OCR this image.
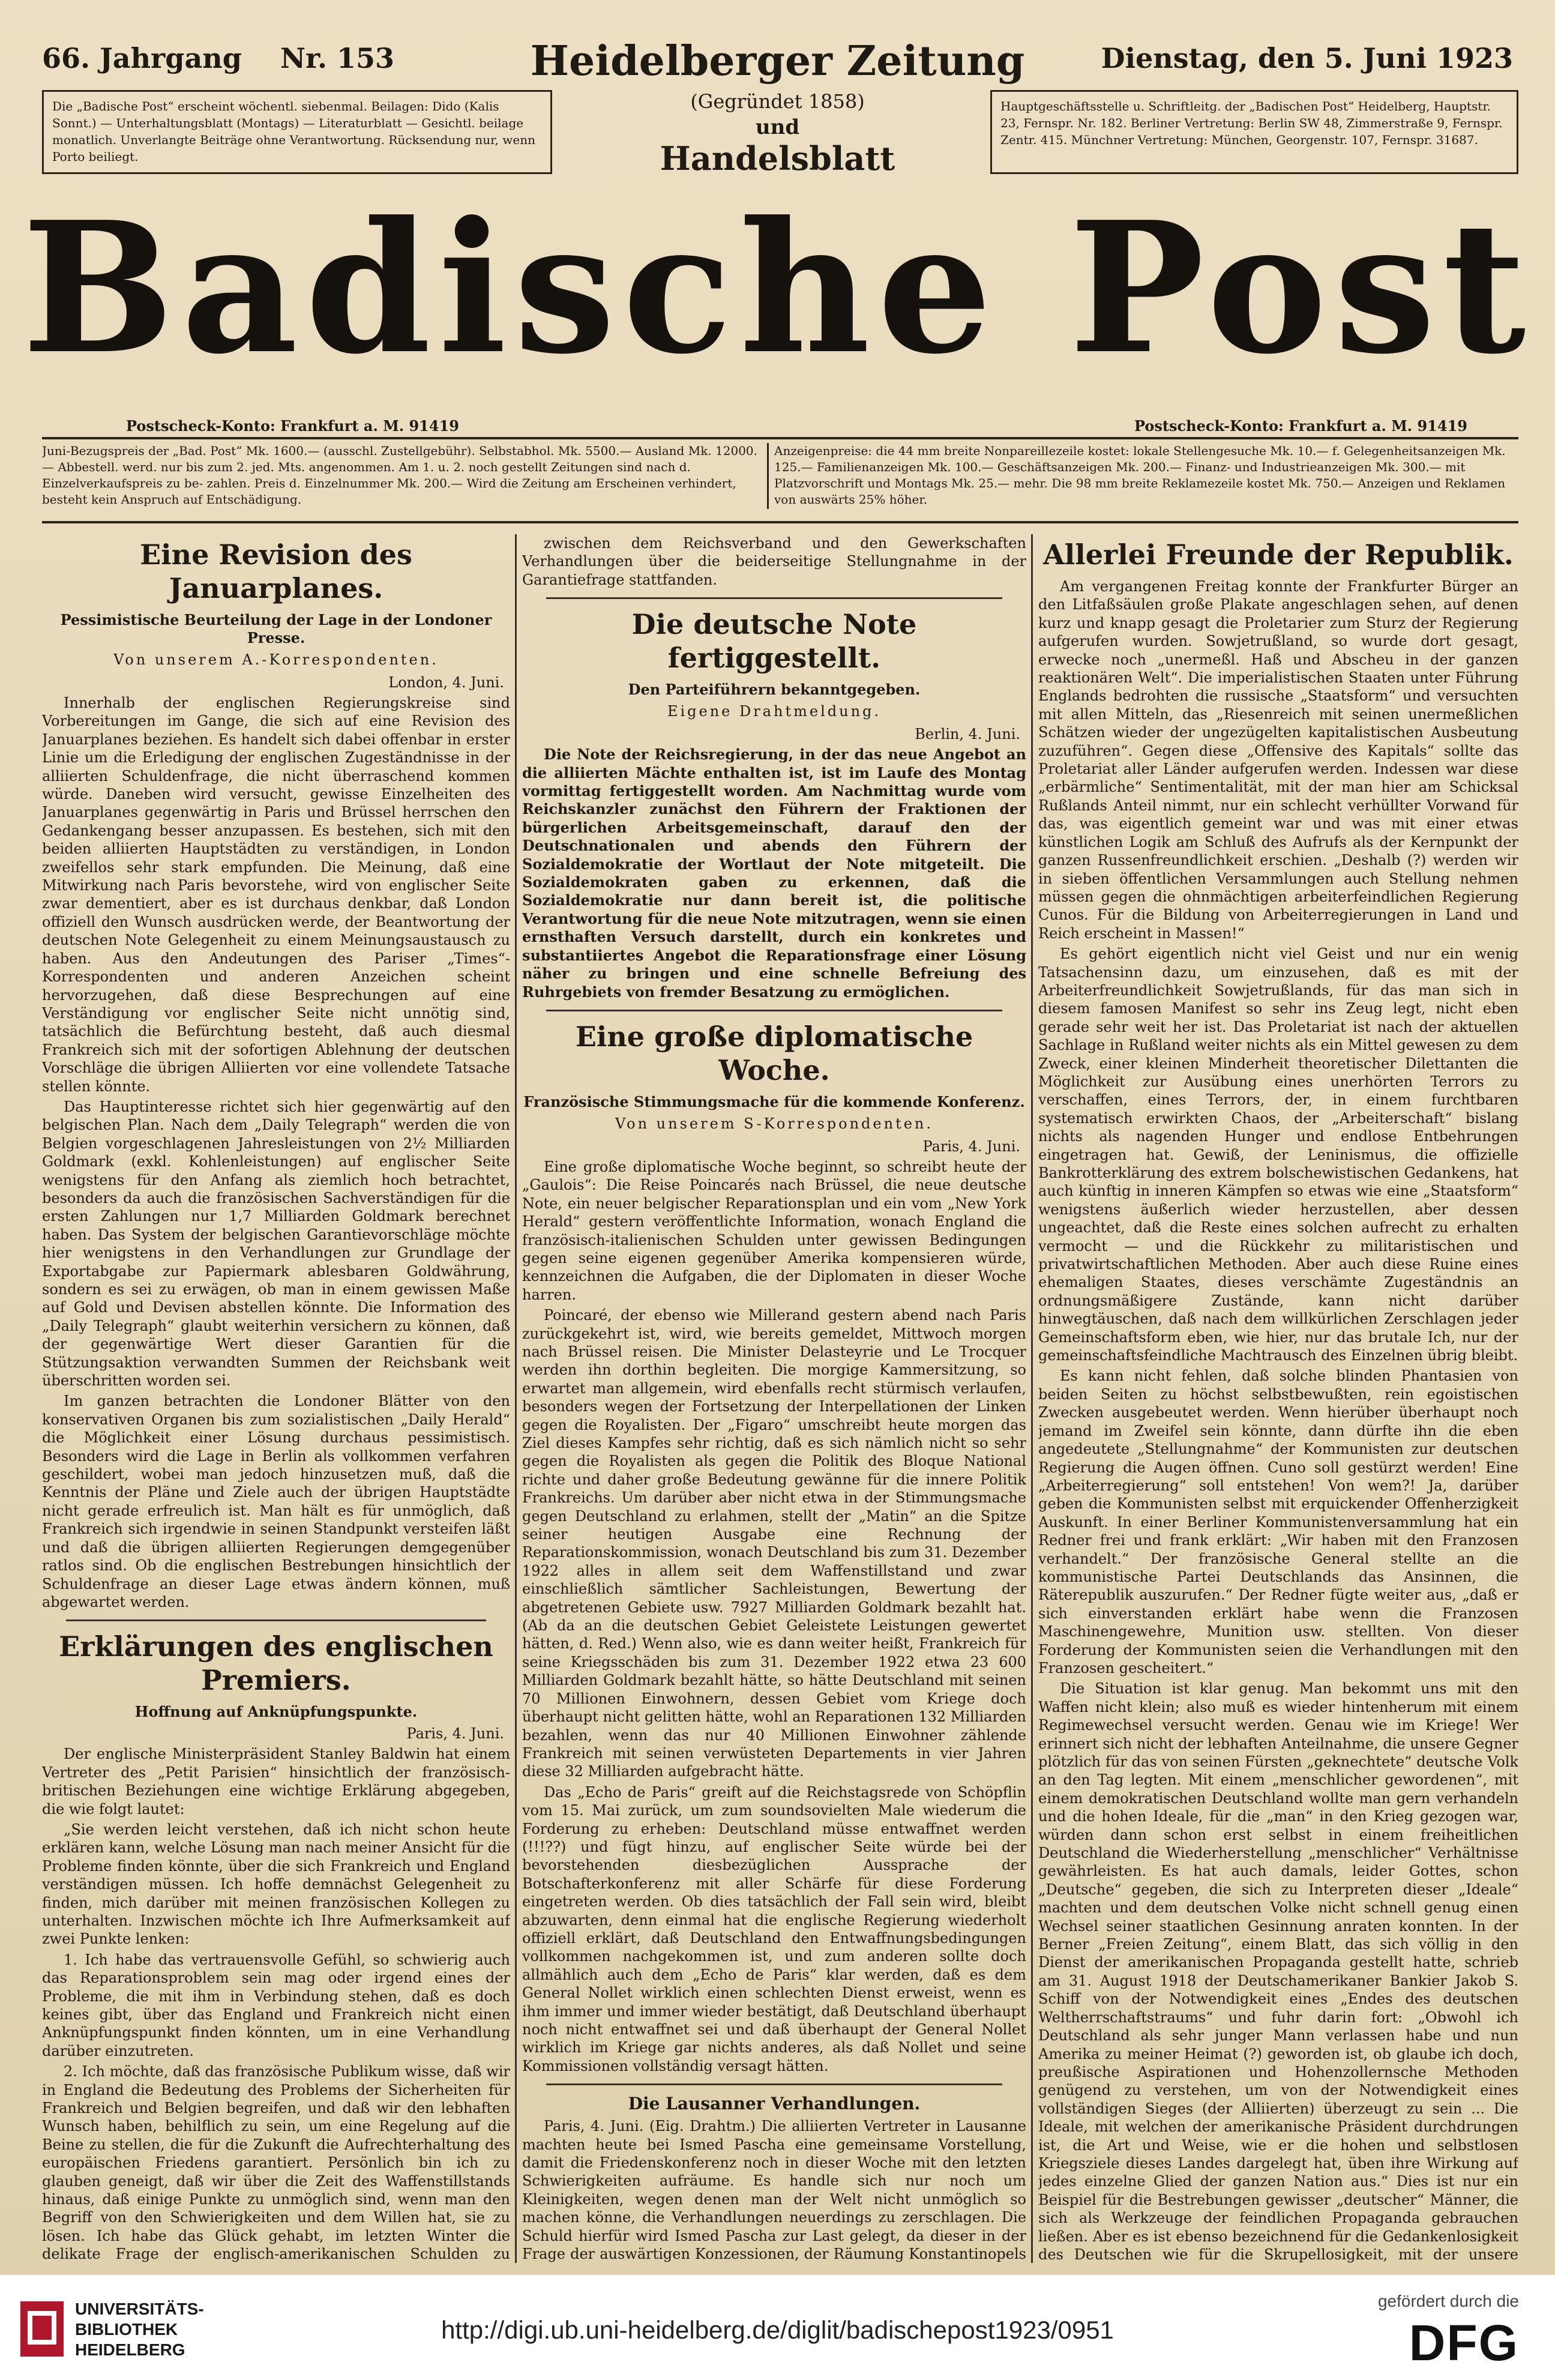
66. Jahrgang Nr. 153	Heidelberger Zeitung	Dienstag, den 5. Juni 1923
(Gegründet 1858)
und
Handelsblatt
Die „Badische Post“ erscheint wöchentl. siebenmal. Beilagen: Dido (Kalis Sonnt.) — Unterhaltungsblatt (Montags) — Literaturblatt — Gesichtl. beilage monatlich. Unverlangte Beiträge ohne Verantwortung. Rücksendung nur, wenn Porto beiliegt.
Hauptgeschäftsstelle u. Schriftleitg. der „Badischen Post“ Heidelberg, Hauptstr. 23, Fernspr. Nr. 182. Berliner Vertretung: Berlin SW 48, Zimmerstraße 9, Fernspr. Zentr. 415. Münchner Vertretung: München, Georgenstr. 107, Fernspr. 31687.
Badische Post
Postscheck-Konto: Frankfurt a. M. 91419	Postscheck-Konto: Frankfurt a. M. 91419
Juni-Bezugspreis der „Bad. Post“ Mk. 1600.— (ausschl. Zustellgebühr). Selbstabhol. Mk. 5500.— Ausland Mk. 12000.— Abbestell. werd. nur bis zum 2. jed. Mts. angenommen. Am 1. u. 2. noch gestellt Zeitungen sind nach d. Einzelverkaufspreis zu be- zahlen. Preis d. Einzelnummer Mk. 200.— Wird die Zeitung am Erscheinen verhindert, besteht kein Anspruch auf Entschädigung.
Anzeigenpreise: die 44 mm breite Nonpareillezeile kostet: lokale Stellengesuche Mk. 10.— f. Gelegenheitsanzeigen Mk. 125.— Familienanzeigen Mk. 100.— Geschäftsanzeigen Mk. 200.— Finanz- und Industrieanzeigen Mk. 300.— mit Platzvorschrift und Montags Mk. 25.— mehr. Die 98 mm breite Reklamezeile kostet Mk. 750.— Anzeigen und Reklamen von auswärts 25% höher.
Eine Revision des Januarplanes.
Pessimistische Beurteilung der Lage in der Londoner Presse.
Von unserem A.-Korrespondenten.
London, 4. Juni.

Innerhalb der englischen Regierungskreise sind Vorbereitungen im Gange, die sich auf eine Revision des Januarplanes beziehen. Es handelt sich dabei offenbar in erster Linie um die Erledigung der englischen Zugeständnisse in der alliierten Schuldenfrage, die nicht überraschend kommen würde. Daneben wird versucht, gewisse Einzelheiten des Januarplanes gegenwärtig in Paris und Brüssel herrschen den Gedankengang besser anzupassen. Es bestehen, sich mit den beiden alliierten Hauptstädten zu verständigen, in London zweifellos sehr stark empfunden. Die Meinung, daß eine Mitwirkung nach Paris bevorstehe, wird von englischer Seite zwar dementiert, aber es ist durchaus denkbar, daß London offiziell den Wunsch ausdrücken werde, der Beantwortung der deutschen Note Gelegenheit zu einem Meinungsaustausch zu haben. Aus den Andeutungen des Pariser „Times“-Korrespondenten und anderen Anzeichen scheint hervorzugehen, daß diese Besprechungen auf eine Verständigung vor englischer Seite nicht unnötig sind, tatsächlich die Befürchtung besteht, daß auch diesmal Frankreich sich mit der sofortigen Ablehnung der deutschen Vorschläge die übrigen Alliierten vor eine vollendete Tatsache stellen könnte.

Das Hauptinteresse richtet sich hier gegenwärtig auf den belgischen Plan. Nach dem „Daily Telegraph“ werden die von Belgien vorgeschlagenen Jahresleistungen von 2½ Milliarden Goldmark (exkl. Kohlenleistungen) auf englischer Seite wenigstens für den Anfang als ziemlich hoch betrachtet, besonders da auch die französischen Sachverständigen für die ersten Zahlungen nur 1,7 Milliarden Goldmark berechnet haben. Das System der belgischen Garantievorschläge möchte hier wenigstens in den Verhandlungen zur Grundlage der Exportabgabe zur Papiermark ablesbaren Goldwährung, sondern es sei zu erwägen, ob man in einem gewissen Maße auf Gold und Devisen abstellen könnte. Die Information des „Daily Telegraph“ glaubt weiterhin versichern zu können, daß der gegenwärtige Wert dieser Garantien für die Stützungsaktion verwandten Summen der Reichsbank weit überschritten worden sei.

Im ganzen betrachten die Londoner Blätter von den konservativen Organen bis zum sozialistischen „Daily Herald“ die Möglichkeit einer Lösung durchaus pessimistisch. Besonders wird die Lage in Berlin als vollkommen verfahren geschildert, wobei man jedoch hinzusetzen muß, daß die Kenntnis der Pläne und Ziele auch der übrigen Hauptstädte nicht gerade erfreulich ist. Man hält es für unmöglich, daß Frankreich sich irgendwie in seinen Standpunkt versteifen läßt und daß die übrigen alliierten Regierungen demgegenüber ratlos sind. Ob die englischen Bestrebungen hinsichtlich der Schuldenfrage an dieser Lage etwas ändern können, muß abgewartet werden.

Erklärungen des englischen Premiers.
Hoffnung auf Anknüpfungspunkte.
Paris, 4. Juni.

Der englische Ministerpräsident Stanley Baldwin hat einem Vertreter des „Petit Parisien“ hinsichtlich der französisch-britischen Beziehungen eine wichtige Erklärung abgegeben, die wie folgt lautet:

„Sie werden leicht verstehen, daß ich nicht schon heute erklären kann, welche Lösung man nach meiner Ansicht für die Probleme finden könnte, über die sich Frankreich und England verständigen müssen. Ich hoffe demnächst Gelegenheit zu finden, mich darüber mit meinen französischen Kollegen zu unterhalten. Inzwischen möchte ich Ihre Aufmerksamkeit auf zwei Punkte lenken:

1. Ich habe das vertrauensvolle Gefühl, so schwierig auch das Reparationsproblem sein mag oder irgend eines der Probleme, die mit ihm in Verbindung stehen, daß es doch keines gibt, über das England und Frankreich nicht einen Anknüpfungspunkt finden könnten, um in eine Verhandlung darüber einzutreten.

2. Ich möchte, daß das französische Publikum wisse, daß wir in England die Bedeutung des Problems der Sicherheiten für Frankreich und Belgien begreifen, und daß wir den lebhaften Wunsch haben, behilflich zu sein, um eine Regelung auf die Beine zu stellen, die für die Zukunft die Aufrechterhaltung des europäischen Friedens garantiert. Persönlich bin ich zu glauben geneigt, daß wir über die Zeit des Waffenstillstands hinaus, daß einige Punkte zu unmöglich sind, wenn man den Begriff von den Schwierigkeiten und dem Willen hat, sie zu lösen. Ich habe das Glück gehabt, im letzten Winter die delikate Frage der englisch-amerikanischen Schulden zu

zwischen dem Reichsverband und den Gewerkschaften Verhandlungen über die beiderseitige Stellungnahme in der Garantiefrage stattfanden.

Die deutsche Note fertiggestellt.
Den Parteiführern bekanntgegeben.
Eigene Drahtmeldung.
Berlin, 4. Juni.

Die Note der Reichsregierung, in der das neue Angebot an die alliierten Mächte enthalten ist, ist im Laufe des Montag vormittag fertiggestellt worden. Am Nachmittag wurde vom Reichskanzler zunächst den Führern der Fraktionen der bürgerlichen Arbeitsgemeinschaft, darauf den der Deutschnationalen und abends den Führern der Sozialdemokratie der Wortlaut der Note mitgeteilt. Die Sozialdemokraten gaben zu erkennen, daß die Sozialdemokratie nur dann bereit ist, die politische Verantwortung für die neue Note mitzutragen, wenn sie einen ernsthaften Versuch darstellt, durch ein konkretes und substantiiertes Angebot die Reparationsfrage einer Lösung näher zu bringen und eine schnelle Befreiung des Ruhrgebiets von fremder Besatzung zu ermöglichen.

Eine große diplomatische Woche.
Französische Stimmungsmache für die kommende Konferenz.
Von unserem S-Korrespondenten.
Paris, 4. Juni.

Eine große diplomatische Woche beginnt, so schreibt heute der „Gaulois“: Die Reise Poincarés nach Brüssel, die neue deutsche Note, ein neuer belgischer Reparationsplan und ein vom „New York Herald“ gestern veröffentlichte Information, wonach England die französisch-italienischen Schulden unter gewissen Bedingungen gegen seine eigenen gegenüber Amerika kompensieren würde, kennzeichnen die Aufgaben, die der Diplomaten in dieser Woche harren.

Poincaré, der ebenso wie Millerand gestern abend nach Paris zurückgekehrt ist, wird, wie bereits gemeldet, Mittwoch morgen nach Brüssel reisen. Die Minister Delasteyrie und Le Trocquer werden ihn dorthin begleiten. Die morgige Kammersitzung, so erwartet man allgemein, wird ebenfalls recht stürmisch verlaufen, besonders wegen der Fortsetzung der Interpellationen der Linken gegen die Royalisten. Der „Figaro“ umschreibt heute morgen das Ziel dieses Kampfes sehr richtig, daß es sich nämlich nicht so sehr gegen die Royalisten als gegen die Politik des Bloque National richte und daher große Bedeutung gewänne für die innere Politik Frankreichs. Um darüber aber nicht etwa in der Stimmungsmache gegen Deutschland zu erlahmen, stellt der „Matin“ an die Spitze seiner heutigen Ausgabe eine Rechnung der Reparationskommission, wonach Deutschland bis zum 31. Dezember 1922 alles in allem seit dem Waffenstillstand und zwar einschließlich sämtlicher Sachleistungen, Bewertung der abgetretenen Gebiete usw. 7927 Milliarden Goldmark bezahlt hat. (Ab da an die deutschen Gebiet Geleistete Leistungen gewertet hätten, d. Red.) Wenn also, wie es dann weiter heißt, Frankreich für seine Kriegsschäden bis zum 31. Dezember 1922 etwa 23 600 Milliarden Goldmark bezahlt hätte, so hätte Deutschland mit seinen 70 Millionen Einwohnern, dessen Gebiet vom Kriege doch überhaupt nicht gelitten hätte, wohl an Reparationen 132 Milliarden bezahlen, wenn das nur 40 Millionen Einwohner zählende Frankreich mit seinen verwüsteten Departements in vier Jahren diese 32 Milliarden aufgebracht hätte.

Das „Echo de Paris“ greift auf die Reichstagsrede von Schöpflin vom 15. Mai zurück, um zum soundsovielten Male wiederum die Forderung zu erheben: Deutschland müsse entwaffnet werden (!!!??) und fügt hinzu, auf englischer Seite würde bei der bevorstehenden diesbezüglichen Aussprache der Botschafterkonferenz mit aller Schärfe für diese Forderung eingetreten werden. Ob dies tatsächlich der Fall sein wird, bleibt abzuwarten, denn einmal hat die englische Regierung wiederholt offiziell erklärt, daß Deutschland den Entwaffnungsbedingungen vollkommen nachgekommen ist, und zum anderen sollte doch allmählich auch dem „Echo de Paris“ klar werden, daß es dem General Nollet wirklich einen schlechten Dienst erweist, wenn es ihm immer und immer wieder bestätigt, daß Deutschland überhaupt noch nicht entwaffnet sei und daß überhaupt der General Nollet wirklich im Kriege gar nichts anderes, als daß Nollet und seine Kommissionen vollständig versagt hätten.

Die Lausanner Verhandlungen.

Paris, 4. Juni. (Eig. Drahtm.) Die alliierten Vertreter in Lausanne machten heute bei Ismed Pascha eine gemeinsame Vorstellung, damit die Friedenskonferenz noch in dieser Woche mit den letzten Schwierigkeiten aufräume. Es handle sich nur noch um Kleinigkeiten, wegen denen man der Welt nicht unmöglich so machen könne, die Verhandlungen neuerdings zu zerschlagen. Die Schuld hierfür wird Ismed Pascha zur Last gelegt, da dieser in der Frage der auswärtigen Konzessionen, der Räumung Konstantinopels

Allerlei Freunde der Republik.

Am vergangenen Freitag konnte der Frankfurter Bürger an den Litfaßsäulen große Plakate angeschlagen sehen, auf denen kurz und knapp gesagt die Proletarier zum Sturz der Regierung aufgerufen wurden. Sowjetrußland, so wurde dort gesagt, erwecke noch „unermeßl. Haß und Abscheu in der ganzen reaktionären Welt“. Die imperialistischen Staaten unter Führung Englands bedrohten die russische „Staatsform“ und versuchten mit allen Mitteln, das „Riesenreich mit seinen unermeßlichen Schätzen wieder der ungezügelten kapitalistischen Ausbeutung zuzuführen“. Gegen diese „Offensive des Kapitals“ sollte das Proletariat aller Länder aufgerufen werden. Indessen war diese „erbärmliche“ Sentimentalität, mit der man hier am Schicksal Rußlands Anteil nimmt, nur ein schlecht verhüllter Vorwand für das, was eigentlich gemeint war und was mit einer etwas künstlichen Logik am Schluß des Aufrufs als der Kernpunkt der ganzen Russenfreundlichkeit erschien. „Deshalb (?) werden wir in sieben öffentlichen Versammlungen auch Stellung nehmen müssen gegen die ohnmächtigen arbeiterfeindlichen Regierung Cunos. Für die Bildung von Arbeiterregierungen in Land und Reich erscheint in Massen!“

Es gehört eigentlich nicht viel Geist und nur ein wenig Tatsachensinn dazu, um einzusehen, daß es mit der Arbeiterfreundlichkeit Sowjetrußlands, für das man sich in diesem famosen Manifest so sehr ins Zeug legt, nicht eben gerade sehr weit her ist. Das Proletariat ist nach der aktuellen Sachlage in Rußland weiter nichts als ein Mittel gewesen zu dem Zweck, einer kleinen Minderheit theoretischer Dilettanten die Möglichkeit zur Ausübung eines unerhörten Terrors zu verschaffen, eines Terrors, der, in einem furchtbaren systematisch erwirkten Chaos, der „Arbeiterschaft“ bislang nichts als nagenden Hunger und endlose Entbehrungen eingetragen hat. Gewiß, der Leninismus, die offizielle Bankrotterklärung des extrem bolschewistischen Gedankens, hat auch künftig in inneren Kämpfen so etwas wie eine „Staatsform“ wenigstens äußerlich wieder herzustellen, aber dessen ungeachtet, daß die Reste eines solchen aufrecht zu erhalten vermocht — und die Rückkehr zu militaristischen und privatwirtschaftlichen Methoden. Aber auch diese Ruine eines ehemaligen Staates, dieses verschämte Zugeständnis an ordnungsmäßigere Zustände, kann nicht darüber hinwegtäuschen, daß nach dem willkürlichen Zerschlagen jeder Gemeinschaftsform eben, wie hier, nur das brutale Ich, nur der gemeinschaftsfeindliche Machtrausch des Einzelnen übrig bleibt.

Es kann nicht fehlen, daß solche blinden Phantasien von beiden Seiten zu höchst selbstbewußten, rein egoistischen Zwecken ausgebeutet werden. Wenn hierüber überhaupt noch jemand im Zweifel sein könnte, dann dürfte ihn die eben angedeutete „Stellungnahme“ der Kommunisten zur deutschen Regierung die Augen öffnen. Cuno soll gestürzt werden! Eine „Arbeiterregierung“ soll entstehen! Von wem?! Ja, darüber geben die Kommunisten selbst mit erquickender Offenherzigkeit Auskunft. In einer Berliner Kommunistenversammlung hat ein Redner frei und frank erklärt: „Wir haben mit den Franzosen verhandelt.“ Der französische General stellte an die kommunistische Partei Deutschlands das Ansinnen, die Räterepublik auszurufen.“ Der Redner fügte weiter aus, „daß er sich einverstanden erklärt habe wenn die Franzosen Maschinengewehre, Munition usw. stellten. Von dieser Forderung der Kommunisten seien die Verhandlungen mit den Franzosen gescheitert.“

Die Situation ist klar genug. Man bekommt uns mit den Waffen nicht klein; also muß es wieder hintenherum mit einem Regimewechsel versucht werden. Genau wie im Kriege! Wer erinnert sich nicht der lebhaften Anteilnahme, die unsere Gegner plötzlich für das von seinen Fürsten „geknechtete“ deutsche Volk an den Tag legten. Mit einem „menschlicher gewordenen“, mit einem demokratischen Deutschland wollte man gern verhandeln und die hohen Ideale, für die „man“ in den Krieg gezogen war, würden dann schon erst selbst in einem freiheitlichen Deutschland die Wiederherstellung „menschlicher“ Verhältnisse gewährleisten. Es hat auch damals, leider Gottes, schon „Deutsche“ gegeben, die sich zu Interpreten dieser „Ideale“ machten und dem deutschen Volke nicht schnell genug einen Wechsel seiner staatlichen Gesinnung anraten konnten. In der Berner „Freien Zeitung“, einem Blatt, das sich völlig in den Dienst der amerikanischen Propaganda gestellt hatte, schrieb am 31. August 1918 der Deutschamerikaner Bankier Jakob S. Schiff von der Notwendigkeit eines „Endes des deutschen Weltherrschaftstraums“ und fuhr darin fort: „Obwohl ich Deutschland als sehr junger Mann verlassen habe und nun Amerika zu meiner Heimat (?) geworden ist, ob glaube ich doch, preußische Aspirationen und Hohenzollernsche Methoden genügend zu verstehen, um von der Notwendigkeit eines vollständigen Sieges (der Alliierten) überzeugt zu sein ... Die Ideale, mit welchen der amerikanische Präsident durchdrungen ist, die Art und Weise, wie er die hohen und selbstlosen Kriegsziele dieses Landes dargelegt hat, üben ihre Wirkung auf jedes einzelne Glied der ganzen Nation aus.“ Dies ist nur ein Beispiel für die Bestrebungen gewisser „deutscher“ Männer, die sich als Werkzeuge der feindlichen Propaganda gebrauchen ließen. Aber es ist ebenso bezeichnend für die Gedankenlosigkeit des Deutschen wie für die Skrupellosigkeit, mit der unsere

UNIVERSITÄTS-
BIBLIOTHEK
HEIDELBERG
http://digi.ub.uni-heidelberg.de/diglit/badischepost1923/0951
gefördert durch die
DFG
